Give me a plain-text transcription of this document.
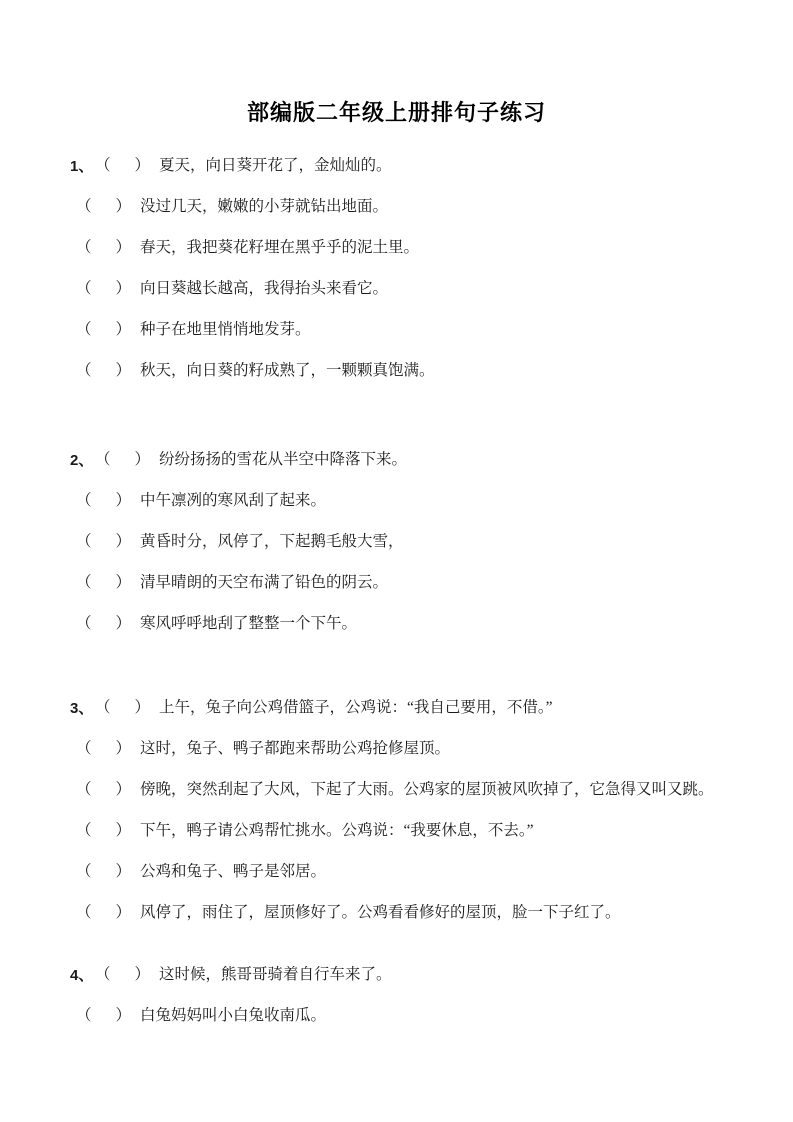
部编版二年级上册排句子练习
1、 （ ） 夏天，向日葵开花了，金灿灿的。
（ ） 没过几天，嫩嫩的小芽就钻出地面。
（ ） 春天，我把葵花籽埋在黑乎乎的泥土里。
（ ） 向日葵越长越高，我得抬头来看它。
（ ） 种子在地里悄悄地发芽。
（ ） 秋天，向日葵的籽成熟了，一颗颗真饱满。
2、 （ ） 纷纷扬扬的雪花从半空中降落下来。
（ ） 中午凛冽的寒风刮了起来。
（ ） 黄昏时分，风停了，下起鹅毛般大雪，
（ ） 清早晴朗的天空布满了铅色的阴云。
（ ） 寒风呼呼地刮了整整一个下午。
3、 （ ） 上午，兔子向公鸡借篮子，公鸡说：“我自己要用，不借。”
（ ） 这时，兔子、鸭子都跑来帮助公鸡抢修屋顶。
（ ） 傍晚，突然刮起了大风，下起了大雨。公鸡家的屋顶被风吹掉了，它急得又叫又跳。
（ ） 下午，鸭子请公鸡帮忙挑水。公鸡说：“我要休息，不去。”
（ ） 公鸡和兔子、鸭子是邻居。
（ ） 风停了，雨住了，屋顶修好了。公鸡看看修好的屋顶，脸一下子红了。
4、 （ ） 这时候，熊哥哥骑着自行车来了。
（ ） 白兔妈妈叫小白兔收南瓜。
